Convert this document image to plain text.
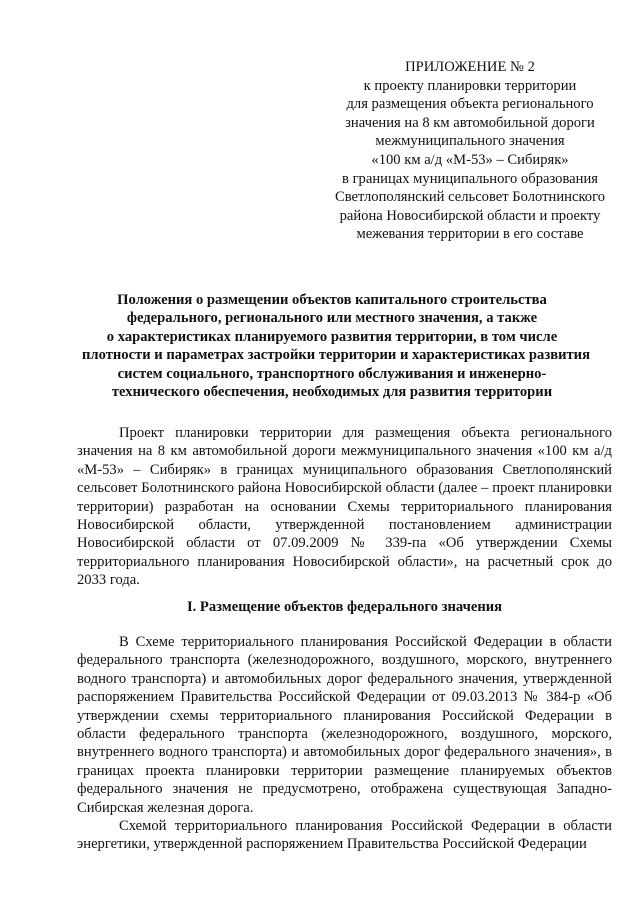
ПРИЛОЖЕНИЕ № 2
к проекту планировки территории
для размещения объекта регионального
значения на 8 км автомобильной дороги
межмуниципального значения
«100 км а/д «М-53» – Сибиряк»
в границах муниципального образования
Светлополянский сельсовет Болотнинского
района Новосибирской области и проекту
межевания территории в его составе
Положения о размещении объектов капитального строительства
федерального, регионального или местного значения, а также
о характеристиках планируемого развития территории, в том числе
плотности и параметрах застройки территории и характеристиках развития
систем социального, транспортного обслуживания и инженерно-
технического обеспечения, необходимых для развития территории

Проект планировки территории для размещения объекта регионального значения на 8 км автомобильной дороги межмуниципального значения «100 км а/д «М-53» – Сибиряк» в границах муниципального образования Светлополянский сельсовет Болотнинского района Новосибирской области (далее – проект планировки территории) разработан на основании Схемы территориального планирования Новосибирской области, утвержденной постановлением администрации Новосибирской области от 07.09.2009 № 339-па «Об утверждении Схемы территориального планирования Новосибирской области», на расчетный срок до 2033 года.

I. Размещение объектов федерального значения

В Схеме территориального планирования Российской Федерации в области федерального транспорта (железнодорожного, воздушного, морского, внутреннего водного транспорта) и автомобильных дорог федерального значения, утвержденной распоряжением Правительства Российской Федерации от 09.03.2013 № 384-р «Об утверждении схемы территориального планирования Российской Федерации в области федерального транспорта (железнодорожного, воздушного, морского, внутреннего водного транспорта) и автомобильных дорог федерального значения», в границах проекта планировки территории размещение планируемых объектов федерального значения не предусмотрено, отображена существующая Западно-Сибирская железная дорога.

Схемой территориального планирования Российской Федерации в области энергетики, утвержденной распоряжением Правительства Российской Федерации
